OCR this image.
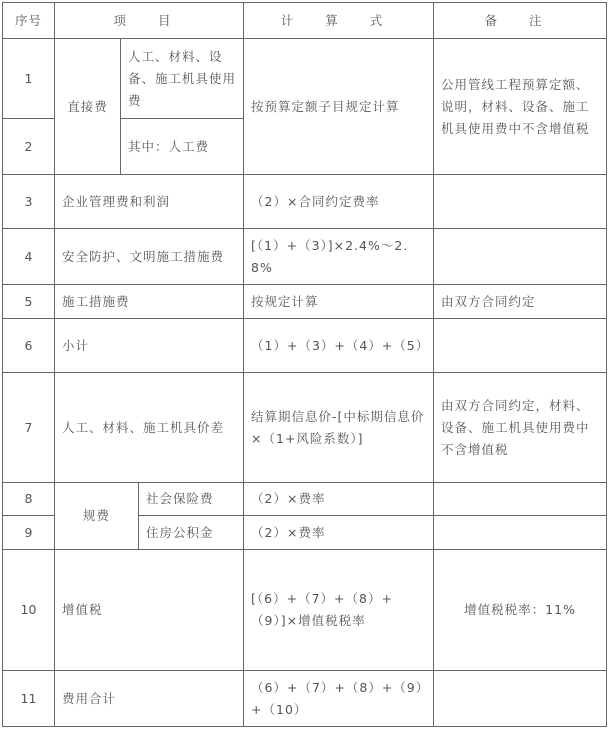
序号	项 目			计 算 式	备 注
1	直接费	人工、材料、设备、施工机具使用费		按预算定额子目规定计算	公用管线工程预算定额、说明，材料、设备、施工机具使用费中不含增值税
2		其中：人工费			
3	企业管理费和利润			（2）×合同约定费率	
4	安全防护、文明施工措施费			[（1）+（3）]×2.4%～2.8%	
5	施工措施费			按规定计算	由双方合同约定
6	小计			（1）+（3）+（4）+（5）	
7	人工、材料、施工机具价差			结算期信息价-[中标期信息价×（1+风险系数）]	由双方合同约定，材料、设备、施工机具使用费中不含增值税
8	规费		社会保险费	（2）×费率	
9			住房公积金	（2）×费率	
10	增值税			[（6）+（7）+（8）+（9）]×增值税税率	增值税税率：11%
11	费用合计			（6）+（7）+（8）+（9）+（10）	
